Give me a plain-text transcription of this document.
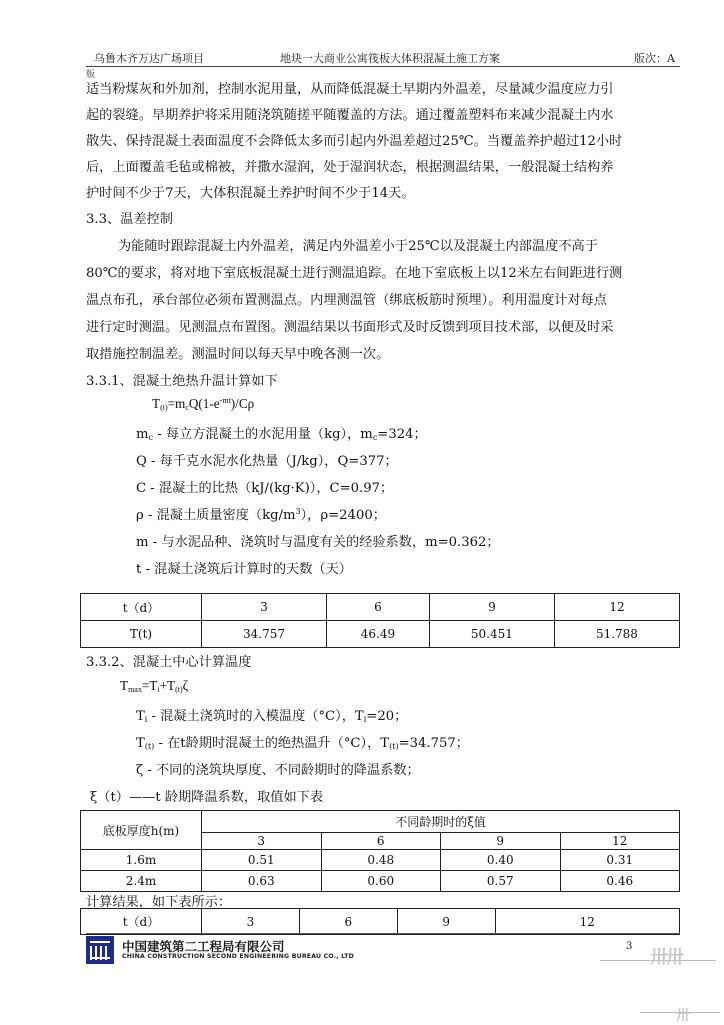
乌鲁木齐万达广场项目	地块一大商业公寓筏板大体积混凝土施工方案	版次：A
版
适当粉煤灰和外加剂，控制水泥用量，从而降低混凝土早期内外温差，尽量减少温度应力引
起的裂缝。早期养护将采用随浇筑随搓平随覆盖的方法。通过覆盖塑料布来减少混凝土内水
散失、保持混凝土表面温度不会降低太多而引起内外温差超过25℃。当覆盖养护超过12小时
后，上面覆盖毛毡或棉被，并撒水湿润，处于湿润状态，根据测温结果，一般混凝土结构养
护时间不少于7天，大体积混凝土养护时间不少于14天。
3.3、温差控制
为能随时跟踪混凝土内外温差，满足内外温差小于25℃以及混凝土内部温度不高于
80℃的要求，将对地下室底板混凝土进行测温追踪。在地下室底板上以12米左右间距进行测
温点布孔，承台部位必须布置测温点。内埋测温管（绑底板筋时预埋）。利用温度计对每点
进行定时测温。见测温点布置图。测温结果以书面形式及时反馈到项目技术部，以便及时采
取措施控制温差。测温时间以每天早中晚各测一次。
3.3.1、混凝土绝热升温计算如下
$T_{(t)}=m_cQ(1-e^{-mt})/C\rho$
$m_c$ - 每立方混凝土的水泥用量（kg），$m_c=324$；
Q - 每千克水泥水化热量（J/kg），Q=377；
C - 混凝土的比热（kJ/(kg·K)），C=0.97；
ρ - 混凝土质量密度$(kg/m^3)$，ρ=2400；
m - 与水泥品种、浇筑时与温度有关的经验系数，m=0.362；
t - 混凝土浇筑后计算时的天数（天）
t（d）	3	6	9	12
T(t)	34.757	46.49	50.451	51.788
3.3.2、混凝土中心计算温度
$T_{max}=T_i+T_{(t)}\zeta$
$T_i$ - 混凝土浇筑时的入模温度（°C），$T_i=20$；
$T_{(t)}$ - 在t龄期时混凝土的绝热温升（°C），$T_{(t)}=34.757$；
ζ - 不同的浇筑块厚度、不同龄期时的降温系数；
ξ（t）——t 龄期降温系数，取值如下表
底板厚度h(m)	不同龄期时的ξ值			
	3	6	9	12
1.6m	0.51	0.48	0.40	0.31
2.4m	0.63	0.60	0.57	0.46
计算结果，如下表所示：
t（d）	3	6	9	12
中国建筑第二工程局有限公司
CHINA CONSTRUCTION SECOND ENGINEERING BUREAU CO., LTD
3
卅卅
卅
